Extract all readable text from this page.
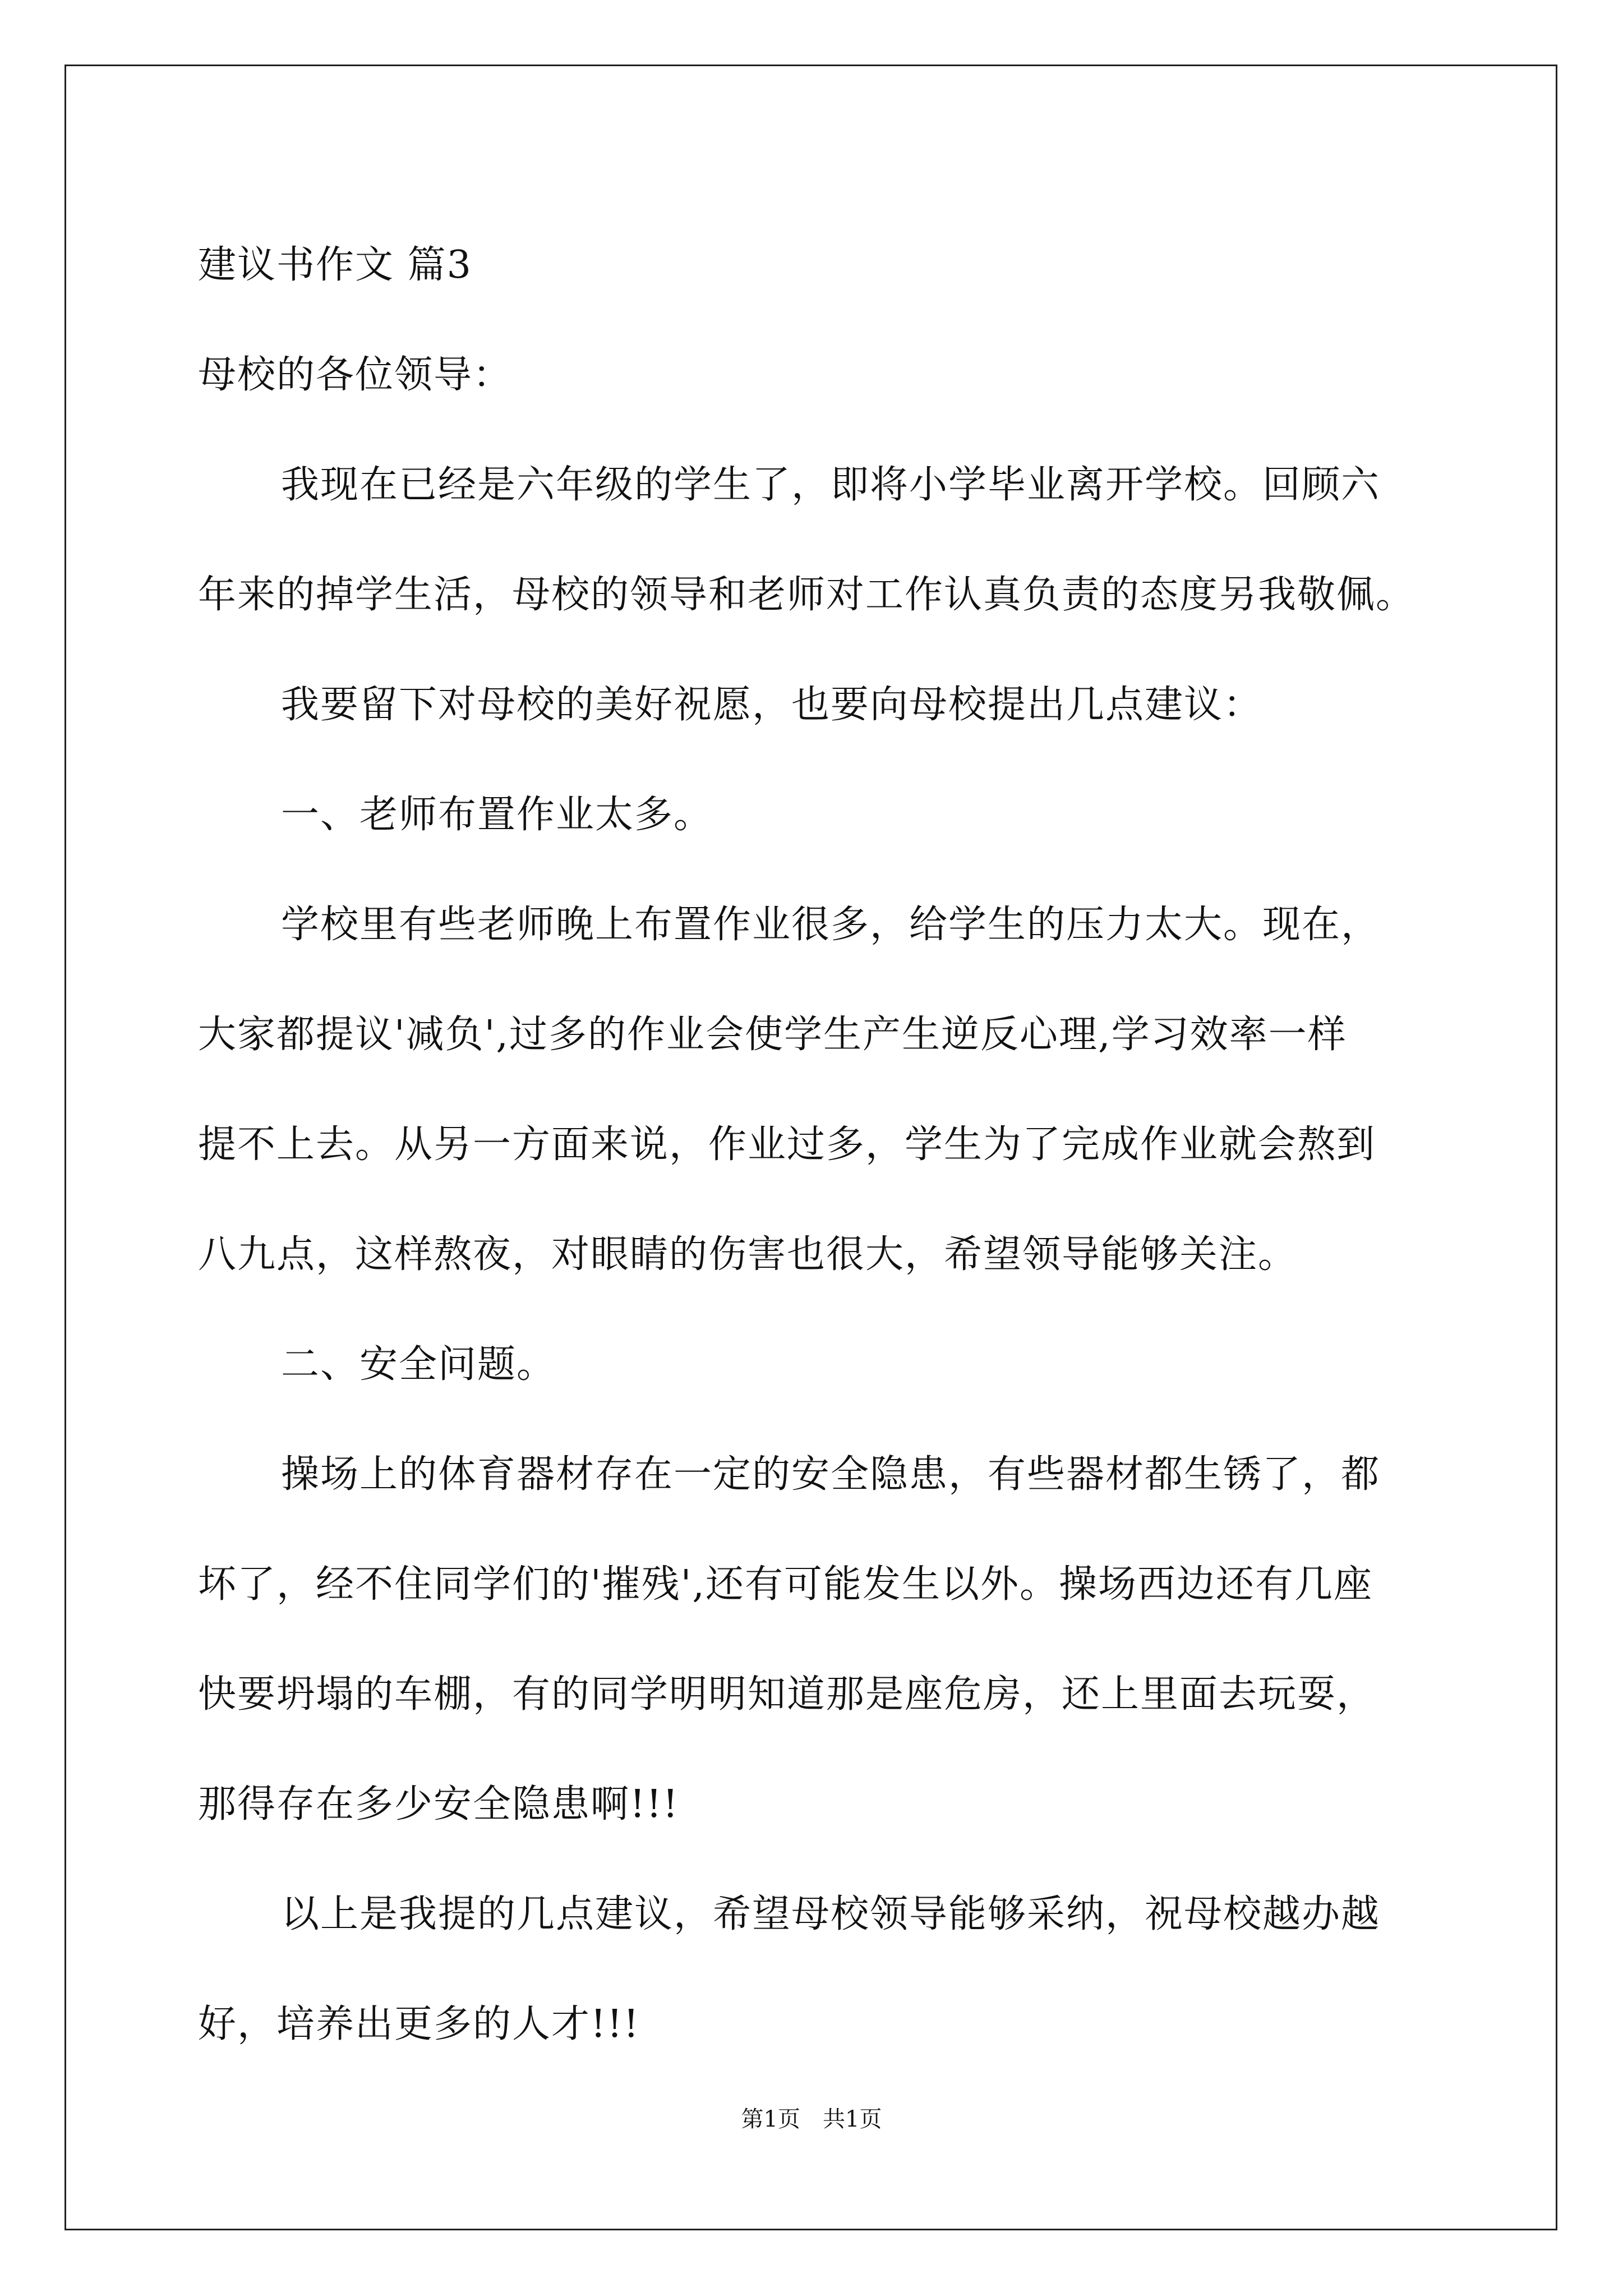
建议书作文 篇3

母校的各位领导：

我现在已经是六年级的学生了，即将小学毕业离开学校。回顾六

年来的掉学生活，母校的领导和老师对工作认真负责的态度另我敬佩。

我要留下对母校的美好祝愿，也要向母校提出几点建议：

一、老师布置作业太多。

学校里有些老师晚上布置作业很多，给学生的压力太大。现在，

大家都提议'减负',过多的作业会使学生产生逆反心理,学习效率一样

提不上去。从另一方面来说，作业过多，学生为了完成作业就会熬到

八九点，这样熬夜，对眼睛的伤害也很大，希望领导能够关注。

二、安全问题。

操场上的体育器材存在一定的安全隐患，有些器材都生锈了，都

坏了，经不住同学们的'摧残',还有可能发生以外。操场西边还有几座

快要坍塌的车棚，有的同学明明知道那是座危房，还上里面去玩耍，

那得存在多少安全隐患啊!!!

以上是我提的几点建议，希望母校领导能够采纳，祝母校越办越

好，培养出更多的人才!!!

第1页　共1页
